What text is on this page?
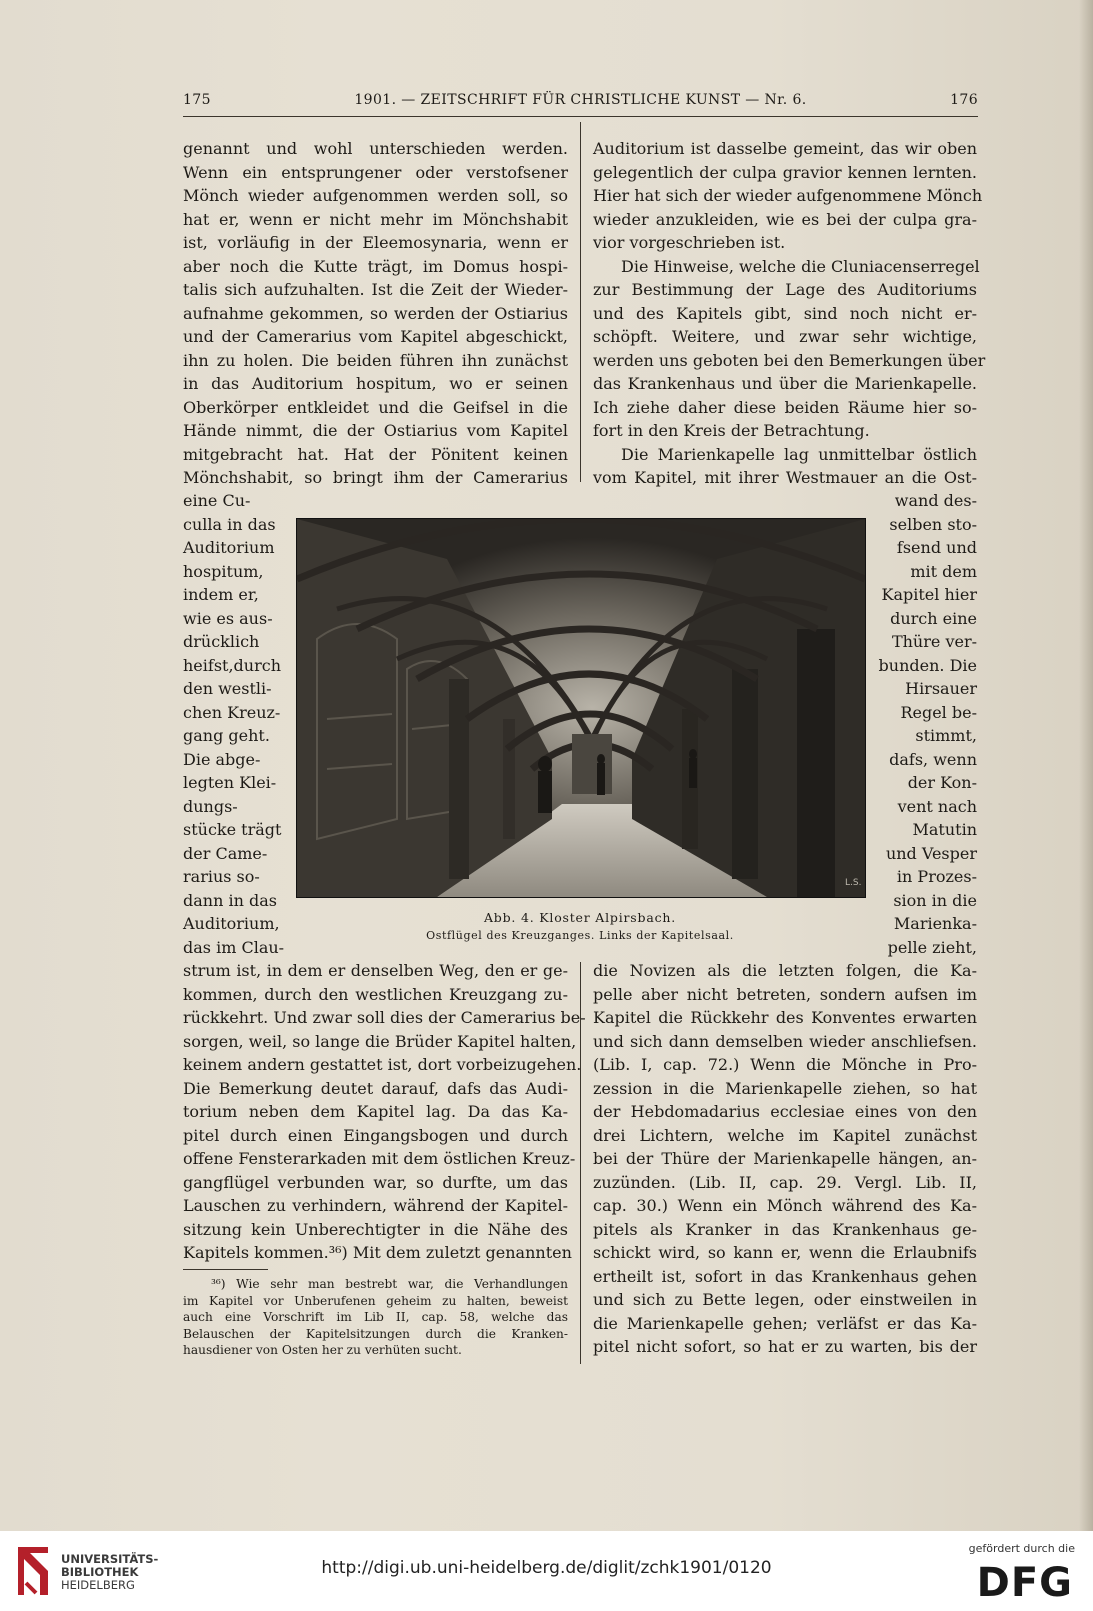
175	1901. — ZEITSCHRIFT FÜR CHRISTLICHE KUNST — Nr. 6.	176

genannt und wohl unterschieden werden.

Wenn ein entsprungener oder verstofsener

Mönch wieder aufgenommen werden soll, so

hat er, wenn er nicht mehr im Mönchshabit

ist, vorläufig in der Eleemosynaria, wenn er

aber noch die Kutte trägt, im Domus hospi-

talis sich aufzuhalten. Ist die Zeit der Wieder-

aufnahme gekommen, so werden der Ostiarius

und der Camerarius vom Kapitel abgeschickt,

ihn zu holen. Die beiden führen ihn zunächst

in das Auditorium hospitum, wo er seinen

Oberkörper entkleidet und die Geifsel in die

Hände nimmt, die der Ostiarius vom Kapitel

mitgebracht hat. Hat der Pönitent keinen

Mönchshabit, so bringt ihm der Camerarius

eine Cu-

culla in das

Auditorium

hospitum,

indem er,

wie es aus-

drücklich

heifst,durch

den westli-

chen Kreuz-

gang geht.

Die abge-

legten Klei-

dungs-

stücke trägt

der Came-

rarius so-

dann in das

Auditorium,

das im Clau-

strum ist, in dem er denselben Weg, den er ge-

kommen, durch den westlichen Kreuzgang zu-

rückkehrt. Und zwar soll dies der Camerarius be-

sorgen, weil, so lange die Brüder Kapitel halten,

keinem andern gestattet ist, dort vorbeizugehen.

Die Bemerkung deutet darauf, dafs das Audi-

torium neben dem Kapitel lag. Da das Ka-

pitel durch einen Eingangsbogen und durch

offene Fensterarkaden mit dem östlichen Kreuz-

gangflügel verbunden war, so durfte, um das

Lauschen zu verhindern, während der Kapitel-

sitzung kein Unberechtigter in die Nähe des

Kapitels kommen.³⁶) Mit dem zuletzt genannten

³⁶) Wie sehr man bestrebt war, die Verhandlungen

im Kapitel vor Unberufenen geheim zu halten, beweist

auch eine Vorschrift im Lib II, cap. 58, welche das

Belauschen der Kapitelsitzungen durch die Kranken-

hausdiener von Osten her zu verhüten sucht.

Auditorium ist dasselbe gemeint, das wir oben

gelegentlich der culpa gravior kennen lernten.

Hier hat sich der wieder aufgenommene Mönch

wieder anzukleiden, wie es bei der culpa gra-

vior vorgeschrieben ist.

Die Hinweise, welche die Cluniacenserregel

zur Bestimmung der Lage des Auditoriums

und des Kapitels gibt, sind noch nicht er-

schöpft. Weitere, und zwar sehr wichtige,

werden uns geboten bei den Bemerkungen über

das Krankenhaus und über die Marienkapelle.

Ich ziehe daher diese beiden Räume hier so-

fort in den Kreis der Betrachtung.

Die Marienkapelle lag unmittelbar östlich

vom Kapitel, mit ihrer Westmauer an die Ost-

wand des-

selben sto-

fsend und

mit dem

Kapitel hier

durch eine

Thüre ver-

bunden. Die

Hirsauer

Regel be-

stimmt,

dafs, wenn

der Kon-

vent nach

Matutin

und Vesper

in Prozes-

sion in die

Marienka-

pelle zieht,

die Novizen als die letzten folgen, die Ka-

pelle aber nicht betreten, sondern aufsen im

Kapitel die Rückkehr des Konventes erwarten

und sich dann demselben wieder anschliefsen.

(Lib. I, cap. 72.) Wenn die Mönche in Pro-

zession in die Marienkapelle ziehen, so hat

der Hebdomadarius ecclesiae eines von den

drei Lichtern, welche im Kapitel zunächst

bei der Thüre der Marienkapelle hängen, an-

zuzünden. (Lib. II, cap. 29. Vergl. Lib. II,

cap. 30.) Wenn ein Mönch während des Ka-

pitels als Kranker in das Krankenhaus ge-

schickt wird, so kann er, wenn die Erlaubnifs

ertheilt ist, sofort in das Krankenhaus gehen

und sich zu Bette legen, oder einstweilen in

die Marienkapelle gehen; verläfst er das Ka-

pitel nicht sofort, so hat er zu warten, bis der

L.S.
Abb. 4. Kloster Alpirsbach.
Ostflügel des Kreuzganges. Links der Kapitelsaal.
UNIVERSITÄTS-
BIBLIOTHEK
HEIDELBERG
http://digi.ub.uni-heidelberg.de/diglit/zchk1901/0120
gefördert durch die
DFG
